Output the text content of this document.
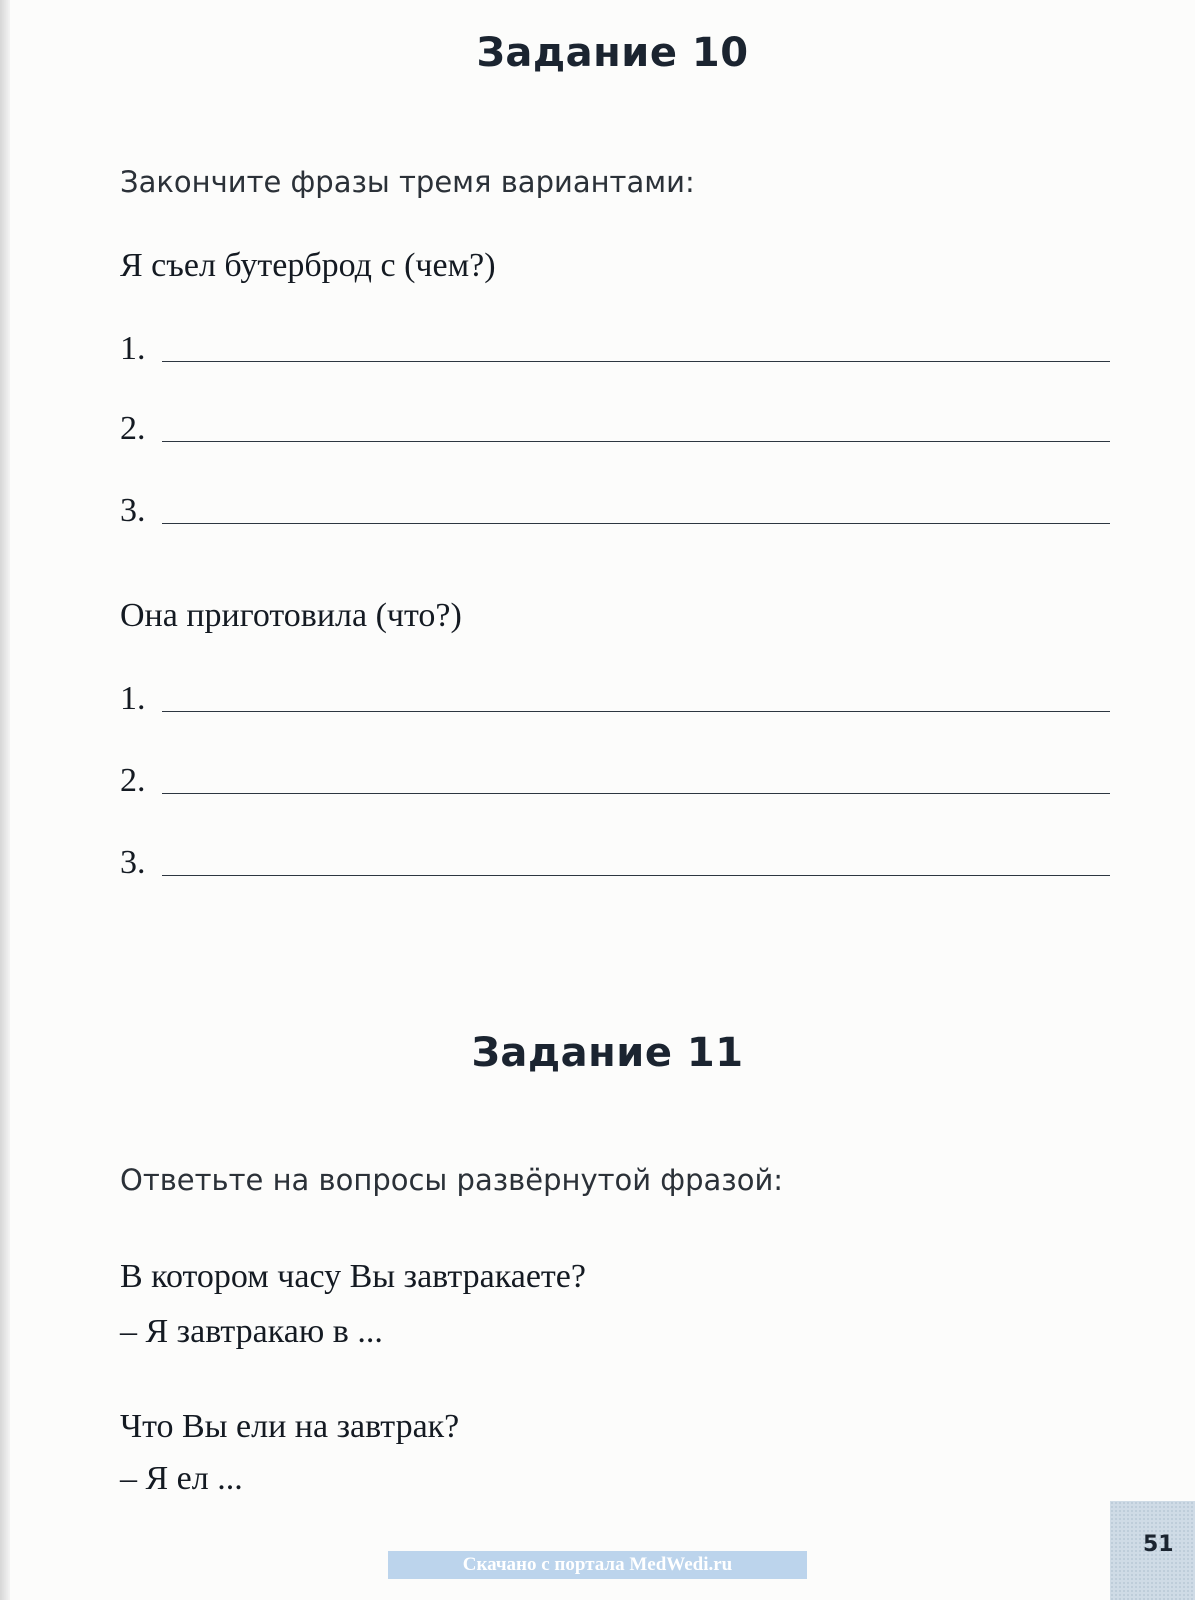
Задание 10
Закончите фразы тремя вариантами:
Я съел бутерброд с (чем?)
1.
2.
3.
Она приготовила (что?)
1.
2.
3.
Задание 11
Ответьте на вопросы развёрнутой фразой:
В котором часу Вы завтракаете?
– Я завтракаю в ...
Что Вы ели на завтрак?
– Я ел ...
Скачано с портала MedWedi.ru
51
